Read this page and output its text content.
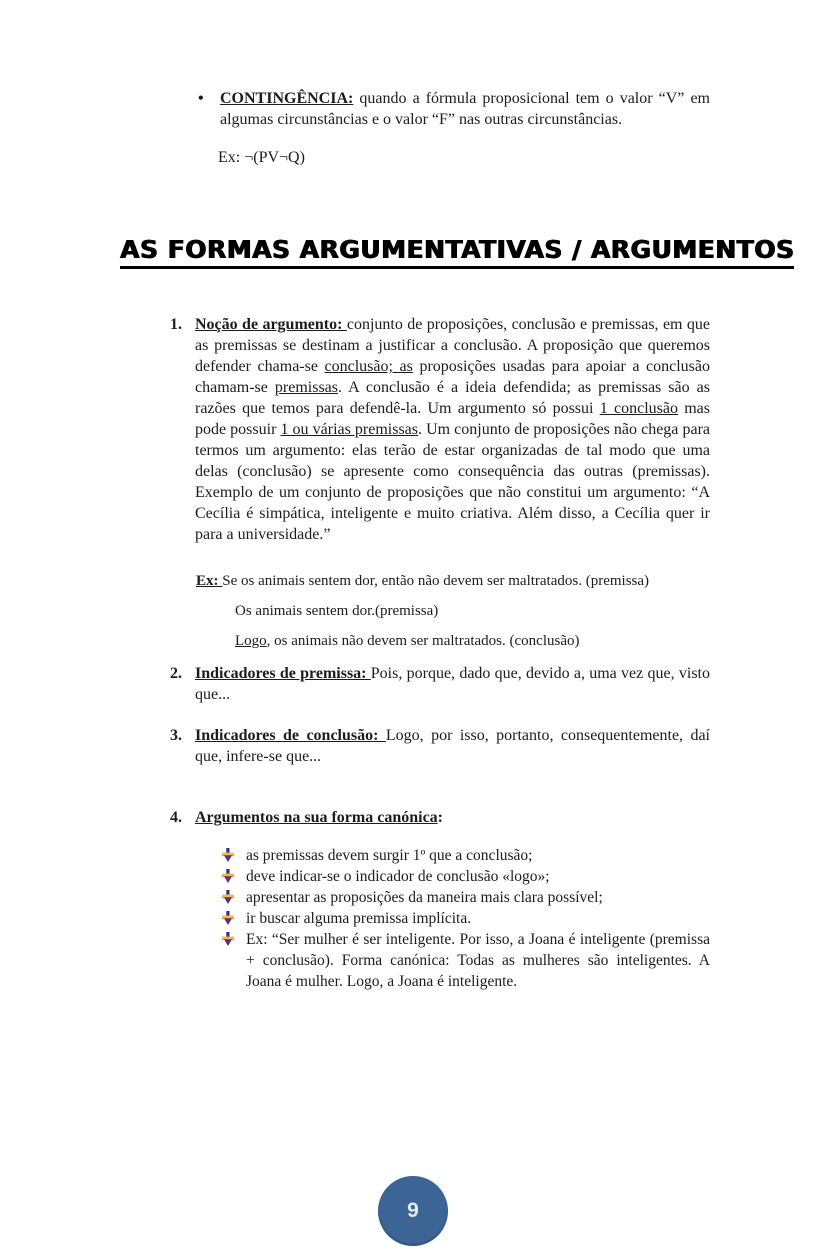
• CONTINGÊNCIA: quando a fórmula proposicional tem o valor “V” em algumas circunstâncias e o valor “F” nas outras circunstâncias.
Ex: ¬(PV¬Q)
AS FORMAS ARGUMENTATIVAS / ARGUMENTOS
1. Noção de argumento: conjunto de proposições, conclusão e premissas, em que as premissas se destinam a justificar a conclusão. A proposição que queremos defender chama-se conclusão; as proposições usadas para apoiar a conclusão chamam-se premissas. A conclusão é a ideia defendida; as premissas são as razões que temos para defendê-la. Um argumento só possui 1 conclusão mas pode possuir 1 ou várias premissas. Um conjunto de proposições não chega para termos um argumento: elas terão de estar organizadas de tal modo que uma delas (conclusão) se apresente como consequência das outras (premissas). Exemplo de um conjunto de proposições que não constitui um argumento: “A Cecília é simpática, inteligente e muito criativa. Além disso, a Cecília quer ir para a universidade.”
Ex: Se os animais sentem dor, então não devem ser maltratados. (premissa)
Os animais sentem dor.(premissa)
Logo, os animais não devem ser maltratados. (conclusão)
2. Indicadores de premissa: Pois, porque, dado que, devido a, uma vez que, visto que...
3. Indicadores de conclusão: Logo, por isso, portanto, consequentemente, daí que, infere-se que...
4. Argumentos na sua forma canónica:
as premissas devem surgir 1º que a conclusão;
deve indicar-se o indicador de conclusão «logo»;
apresentar as proposições da maneira mais clara possível;
ir buscar alguma premissa implícita.
Ex: “Ser mulher é ser inteligente. Por isso, a Joana é inteligente (premissa + conclusão). Forma canónica: Todas as mulheres são inteligentes. A Joana é mulher. Logo, a Joana é inteligente.
9
